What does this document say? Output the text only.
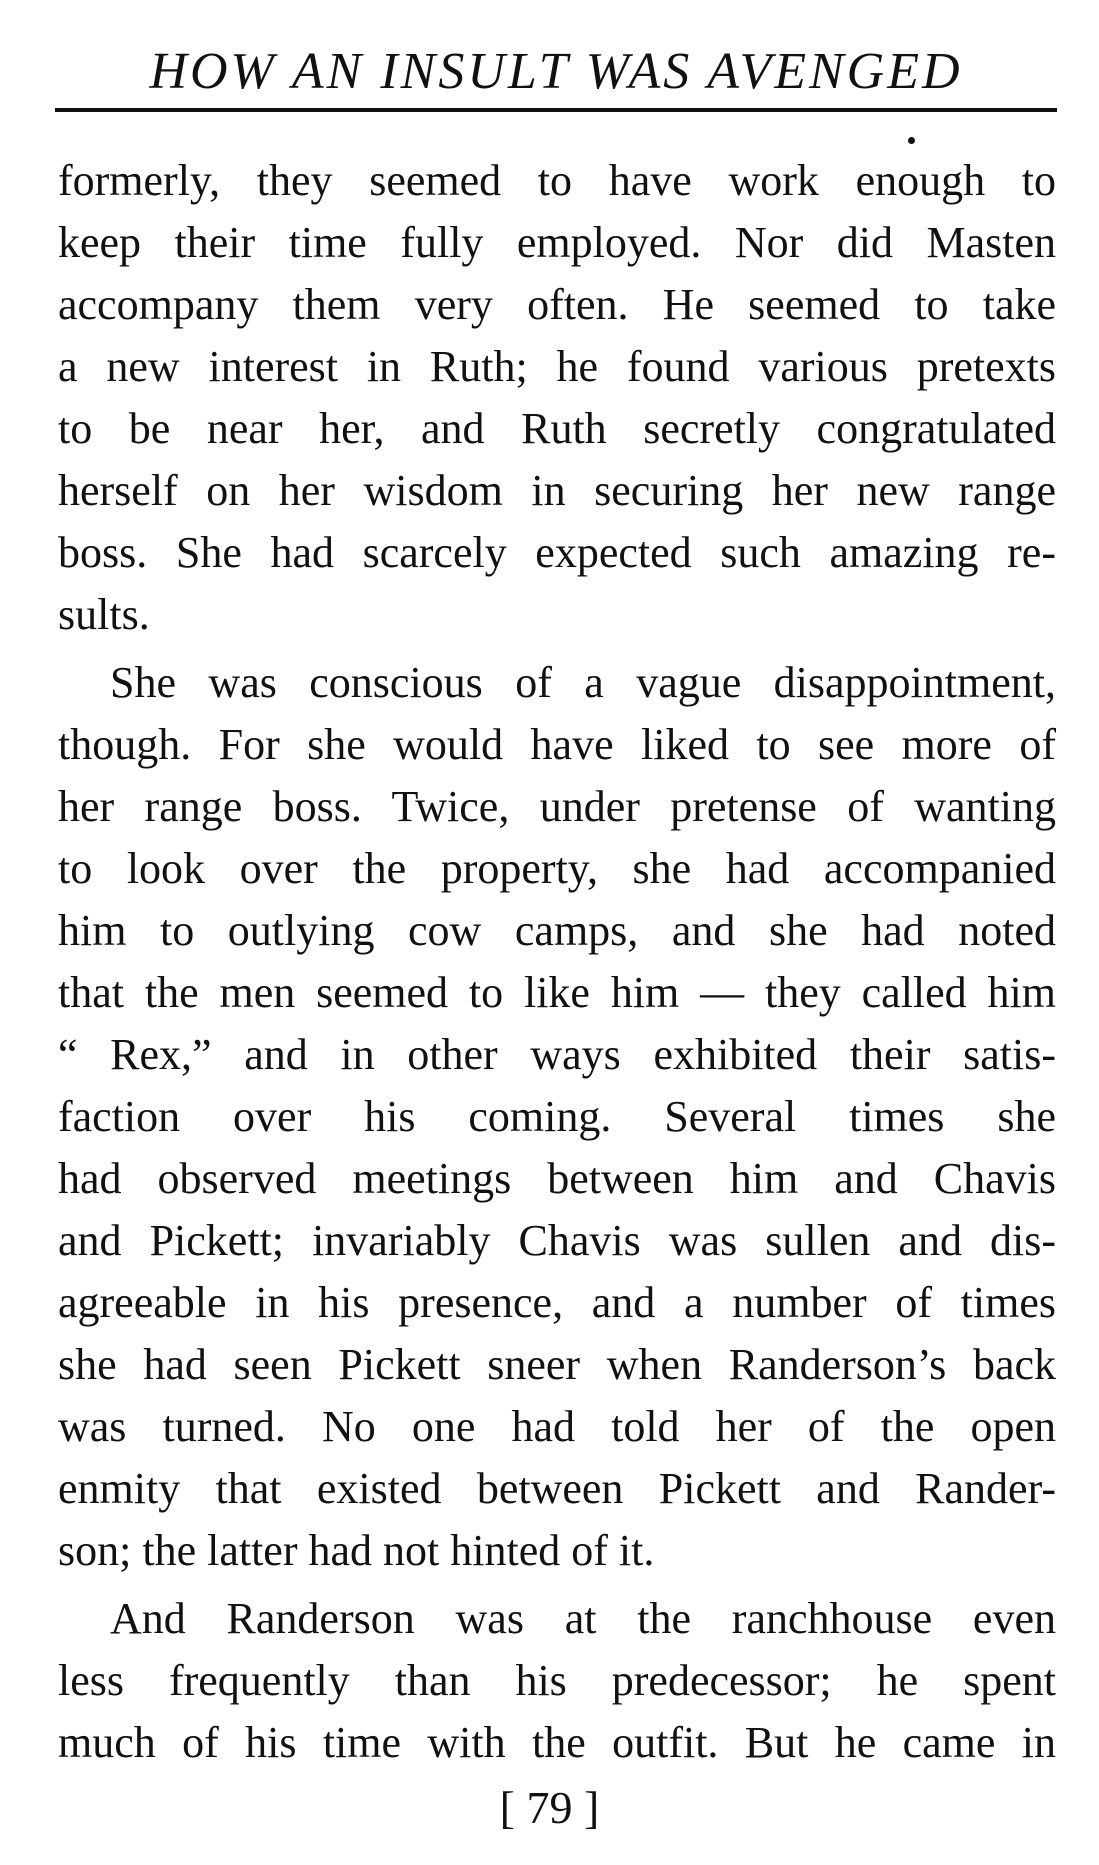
HOW AN INSULT WAS AVENGED
formerly, they seemed to have work enough to
keep their time fully employed. Nor did Masten
accompany them very often. He seemed to take
a new interest in Ruth; he found various pretexts
to be near her, and Ruth secretly congratulated
herself on her wisdom in securing her new range
boss. She had scarcely expected such amazing re-
sults.
She was conscious of a vague disappointment,
though. For she would have liked to see more of
her range boss. Twice, under pretense of wanting
to look over the property, she had accompanied
him to outlying cow camps, and she had noted
that the men seemed to like him — they called him
“ Rex,” and in other ways exhibited their satis-
faction over his coming. Several times she
had observed meetings between him and Chavis
and Pickett; invariably Chavis was sullen and dis-
agreeable in his presence, and a number of times
she had seen Pickett sneer when Randerson’s back
was turned. No one had told her of the open
enmity that existed between Pickett and Rander-
son; the latter had not hinted of it.
And Randerson was at the ranchhouse even
less frequently than his predecessor; he spent
much of his time with the outfit. But he came in
[ 79 ]
